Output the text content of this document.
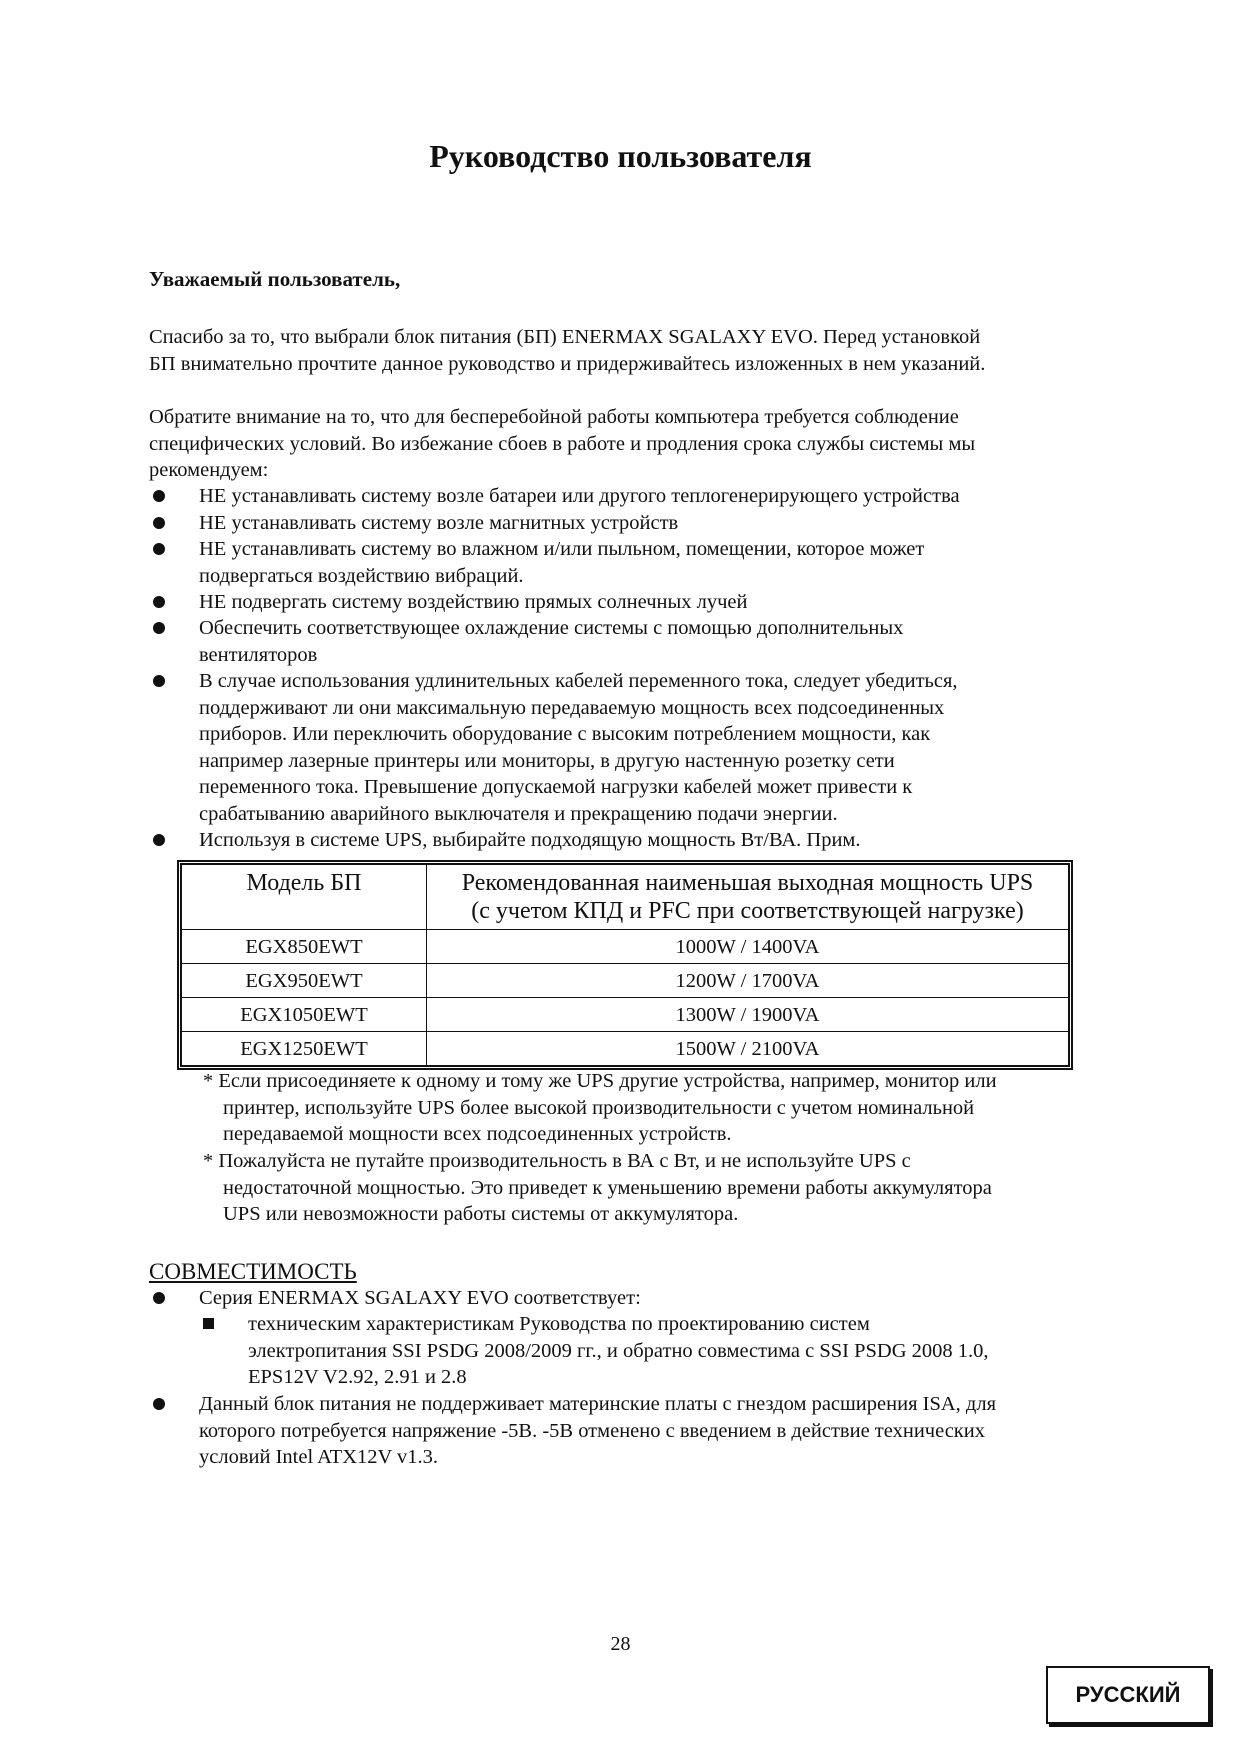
Руководство пользователя
Уважаемый пользователь,

Спасибо за то, что выбрали блок питания (БП) ENERMAX SGALAXY EVO. Перед установкой

БП внимательно прочтите данное руководство и придерживайтесь изложенных в нем указаний.

Обратите внимание на то, что для бесперебойной работы компьютера требуется соблюдение

специфических условий. Во избежание сбоев в работе и продления срока службы системы мы

рекомендуем:

НЕ устанавливать систему возле батареи или другого теплогенерирующего устройства
НЕ устанавливать систему возле магнитных устройств
НЕ устанавливать систему во влажном и/или пыльном, помещении, которое может
подвергаться воздействию вибраций.
НЕ подвергать систему воздействию прямых солнечных лучей
Обеспечить соответствующее охлаждение системы с помощью дополнительных
вентиляторов
В случае использования удлинительных кабелей переменного тока, следует убедиться,
поддерживают ли они максимальную передаваемую мощность всех подсоединенных
приборов. Или переключить оборудование с высоким потреблением мощности, как
например лазерные принтеры или мониторы, в другую настенную розетку сети
переменного тока. Превышение допускаемой нагрузки кабелей может привести к
срабатыванию аварийного выключателя и прекращению подачи энергии.
Используя в системе UPS, выбирайте подходящую мощность Вт/ВА. Прим.
Модель БП	Рекомендованная наименьшая выходная мощность UPS
(с учетом КПД и PFC при соответствующей нагрузке)

EGX850EWT	1000W / 1400VA
EGX950EWT	1200W / 1700VA
EGX1050EWT	1300W / 1900VA
EGX1250EWT	1500W / 2100VA
* Если присоединяете к одному и тому же UPS другие устройства, например, монитор или
принтер, используйте UPS более высокой производительности с учетом номинальной
передаваемой мощности всех подсоединенных устройств.
* Пожалуйста не путайте производительность в ВА с Вт, и не используйте UPS с
недостаточной мощностью. Это приведет к уменьшению времени работы аккумулятора
UPS или невозможности работы системы от аккумулятора.
СОВМЕСТИМОСТЬ
Серия ENERMAX SGALAXY EVO соответствует:
техническим характеристикам Руководства по проектированию систем
электропитания SSI PSDG 2008/2009 гг., и обратно совместима с SSI PSDG 2008 1.0,
EPS12V V2.92, 2.91 и 2.8
Данный блок питания не поддерживает материнские платы с гнездом расширения ISA, для
которого потребуется напряжение -5В. -5В отменено с введением в действие технических
условий Intel ATX12V v1.3.
28
РУССКИЙ
